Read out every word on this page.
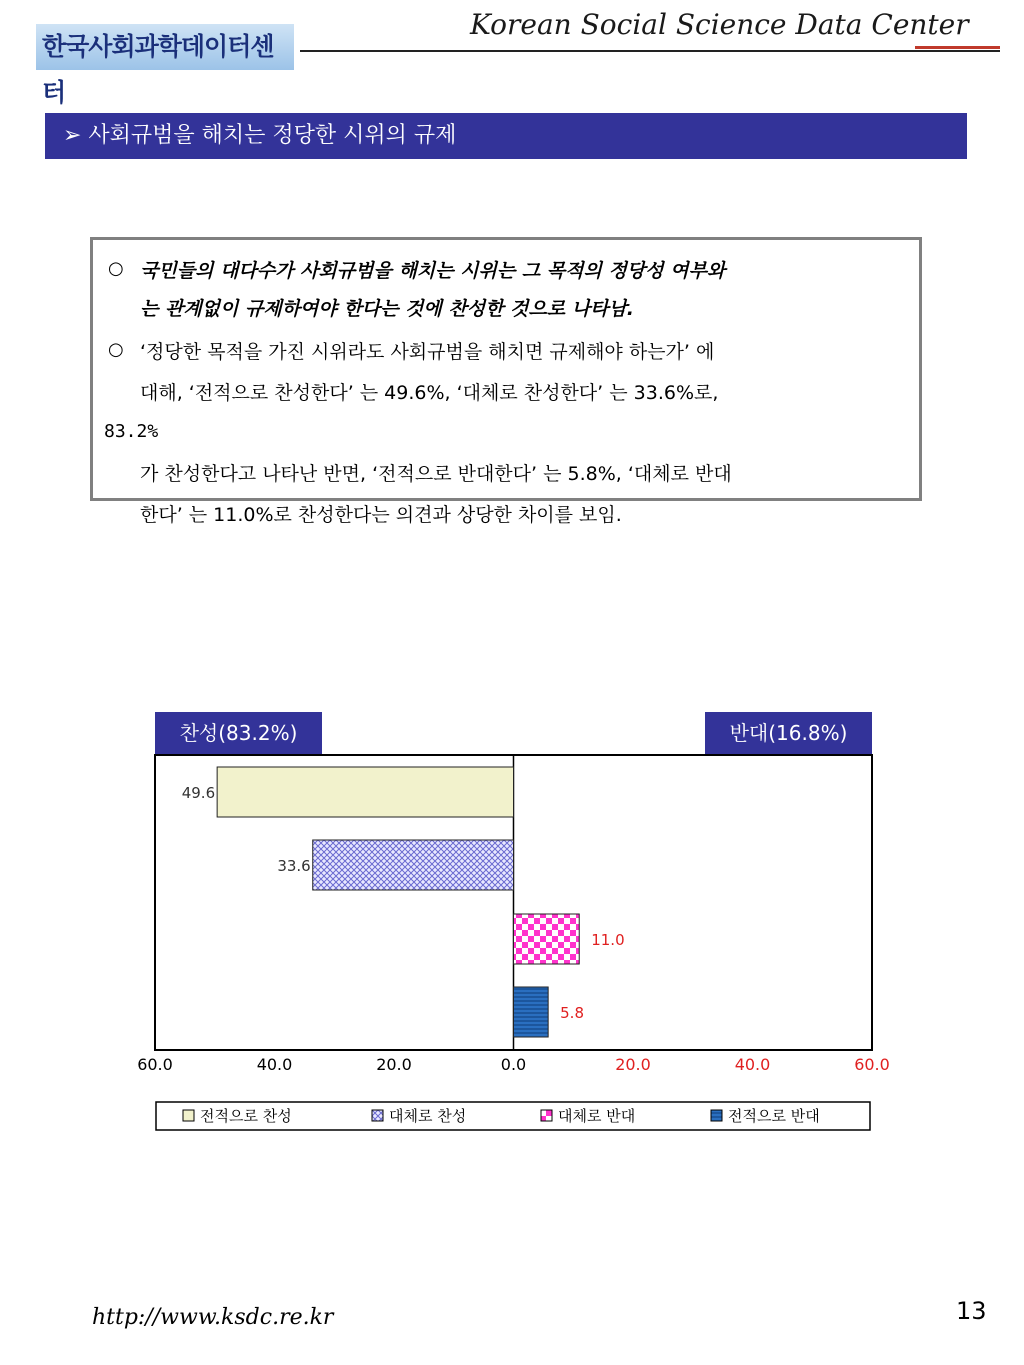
한국사회과학데이터센터
Korean Social Science Data Center
➢ 사회규범을 해치는 정당한 시위의 규제
○ 국민들의 대다수가 사회규범을 해치는 시위는 그 목적의 정당성 여부와
는 관계없이 규제하여야 한다는 것에 찬성한 것으로 나타남.
○ ‘정당한 목적을 가진 시위라도 사회규범을 해치면 규제해야 하는가’ 에
대해, ‘전적으로 찬성한다’ 는 49.6%, ‘대체로 찬성한다’ 는 33.6%로,
83.2%
가 찬성한다고 나타난 반면, ‘전적으로 반대한다’ 는 5.8%, ‘대체로 반대
한다’ 는 11.0%로 찬성한다는 의견과 상당한 차이를 보임.
찬성(83.2%)	반대(16.8%)
49.6
33.6
11.0
5.8
60.0	40.0	20.0	0.0	20.0	40.0	60.0
전적으로 찬성	대체로 찬성	대체로 반대	전적으로 반대
http://www.ksdc.re.kr	13
